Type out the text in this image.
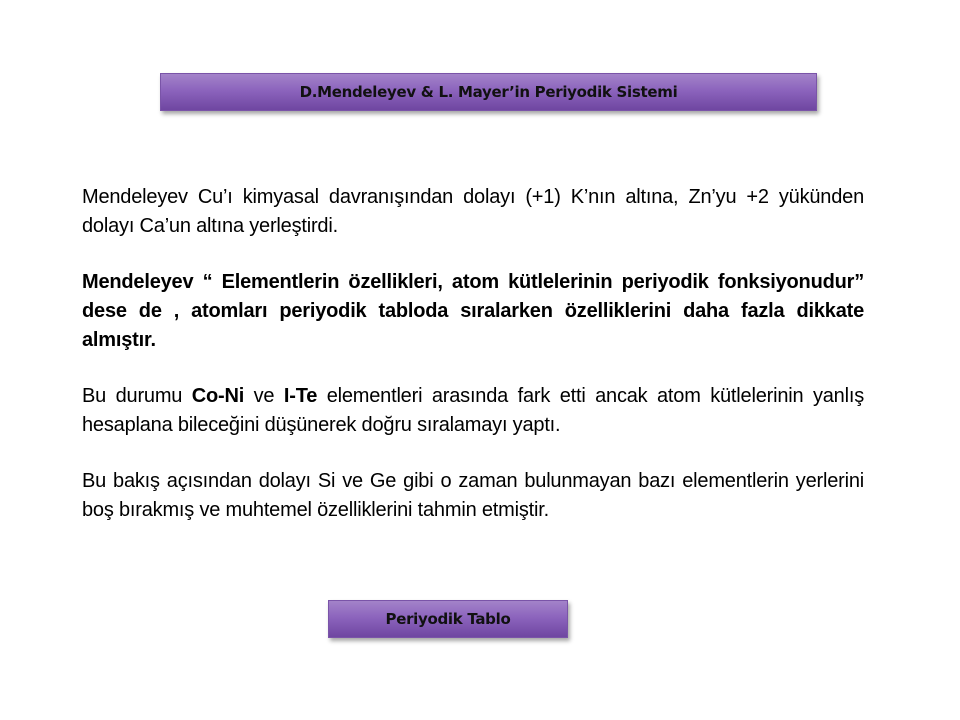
D.Mendeleyev & L. Mayer’in Periyodik Sistemi

Mendeleyev Cu’ı kimyasal davranışından dolayı (+1) K’nın altına, Zn’yu +2 yükünden dolayı Ca’un altına yerleştirdi.

Mendeleyev “ Elementlerin özellikleri, atom kütlelerinin periyodik fonksiyonudur” dese de , atomları periyodik tabloda sıralarken özelliklerini daha fazla dikkate almıştır.

Bu durumu Co-Ni ve I-Te elementleri arasında fark etti ancak atom kütlelerinin yanlış hesaplana bileceğini düşünerek doğru sıralamayı yaptı.

Bu bakış açısından dolayı Si ve Ge gibi o zaman bulunmayan bazı elementlerin yerlerini boş bırakmış ve muhtemel özelliklerini tahmin etmiştir.

Periyodik Tablo
